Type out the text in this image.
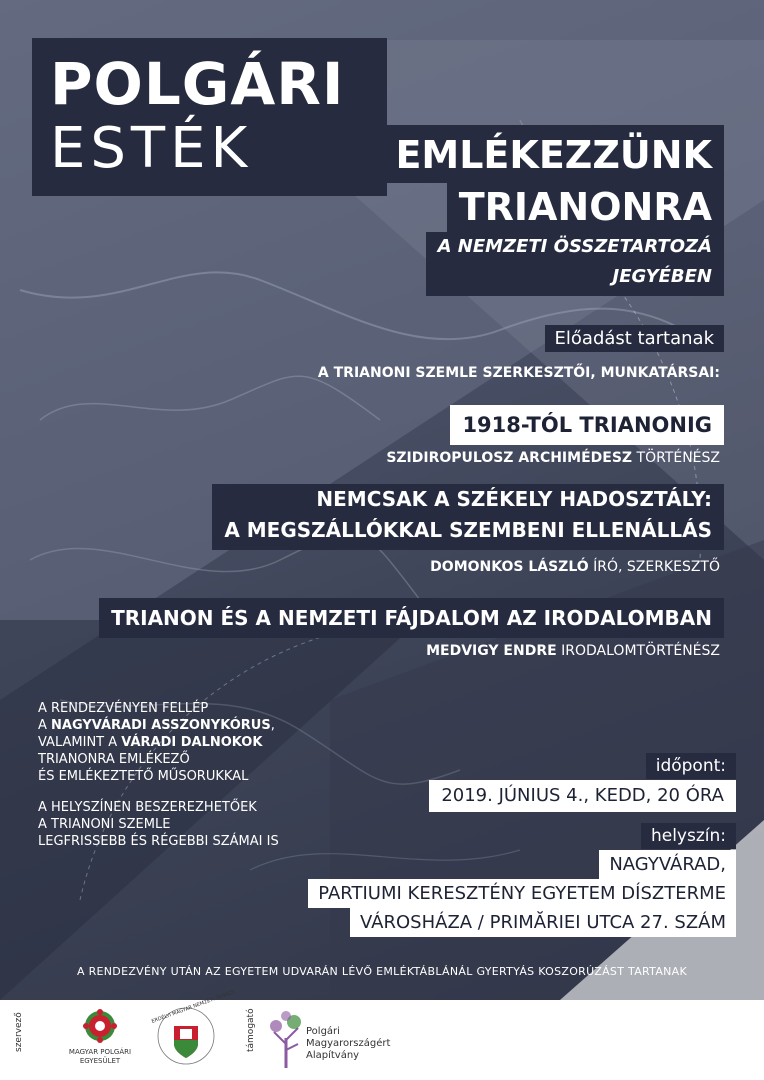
POLGÁRI
ESTÉK	EMLÉKEZZÜNK
TRIANONRA
A NEMZETI ÖSSZETARTOZÁ
JEGYÉBEN
Előadást tartanak
A TRIANONI SZEMLE SZERKESZTŐI, MUNKATÁRSAI:
1918-TÓL TRIANONIG
SZIDIROPULOSZ ARCHIMÉDESZ TÖRTÉNÉSZ
NEMCSAK A SZÉKELY HADOSZTÁLY:
A MEGSZÁLLÓKKAL SZEMBENI ELLENÁLLÁS
DOMONKOS LÁSZLÓ ÍRÓ, SZERKESZTŐ
TRIANON ÉS A NEMZETI FÁJDALOM AZ IRODALOMBAN
MEDVIGY ENDRE IRODALOMTÖRTÉNÉSZ

A RENDEZVÉNYEN FELLÉP
A NAGYVÁRADI ASSZONYKÓRUS,
VALAMINT A VÁRADI DALNOKOK
TRIANONRA EMLÉKEZŐ
ÉS EMLÉKEZTETŐ MŰSORUKKAL

A HELYSZÍNEN BESZEREZHETŐEK
A TRIANONI SZEMLE
LEGFRISSEBB ÉS RÉGEBBI SZÁMAI IS

időpont:
2019. JÚNIUS 4., KEDD, 20 ÓRA
helyszín:
NAGYVÁRAD,
PARTIUMI KERESZTÉNY EGYETEM DÍSZTERME
VÁROSHÁZA / PRIMĂRIEI UTCA 27. SZÁM
A RENDEZVÉNY UTÁN AZ EGYETEM UDVARÁN LÉVŐ EMLÉKTÁBLÁNÁL GYERTYÁS KOSZORÚZÁST TARTANAK
szervező	MAGYAR POLGÁRI
EGYESÜLET
ERDÉLYI MAGYAR NEMZETI TANÁCS
támogató	Polgári
Magyarországért
Alapítvány
